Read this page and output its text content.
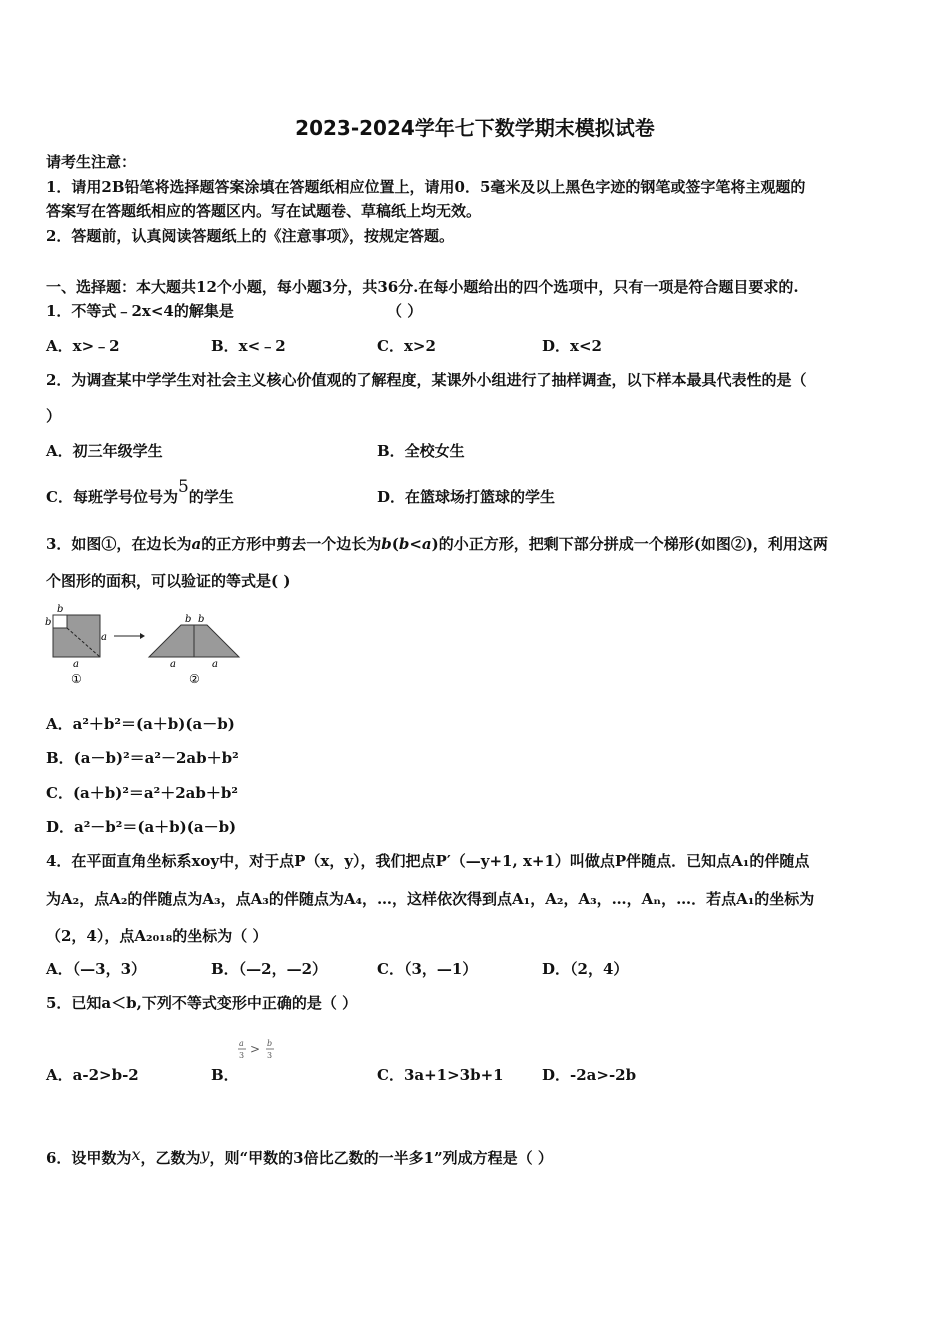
2023-2024学年七下数学期末模拟试卷
请考生注意：
1．请用2B铅笔将选择题答案涂填在答题纸相应位置上，请用0．5毫米及以上黑色字迹的钢笔或签字笔将主观题的
答案写在答题纸相应的答题区内。写在试题卷、草稿纸上均无效。
2．答题前，认真阅读答题纸上的《注意事项》，按规定答题。
一、选择题：本大题共12个小题，每小题3分，共36分.在每小题给出的四个选项中，只有一项是符合题目要求的.
1．不等式﹣2x<4的解集是	（ ）
A．x>﹣2	B．x<﹣2	C．x>2	D．x<2
2．为调查某中学学生对社会主义核心价值观的了解程度，某课外小组进行了抽样调查，以下样本最具代表性的是（
）
A．初三年级学生	B．全校女生
C．每班学号位号为5的学生	D．在篮球场打篮球的学生
3．如图①，在边长为a的正方形中剪去一个边长为b(b<a)的小正方形，把剩下部分拼成一个梯形(如图②)，利用这两
个图形的面积，可以验证的等式是( )
b
b
a
a
①
b b
a	a
②
A．a²＋b²＝(a＋b)(a－b)
B．(a－b)²＝a²－2ab＋b²
C．(a＋b)²＝a²＋2ab＋b²
D．a²－b²＝(a＋b)(a－b)
4．在平面直角坐标系xoy中，对于点P（x，y），我们把点P′（—y+1, x+1）叫做点P伴随点．已知点A₁的伴随点
为A₂，点A₂的伴随点为A₃，点A₃的伴随点为A₄，…，这样依次得到点A₁，A₂，A₃，…，Aₙ，…．若点A₁的坐标为
（2，4），点A₂₀₁₈的坐标为（ ）
A．（—3，3）	B．（—2，—2）	C．（3，—1）	D．（2，4）
5．已知a＜b,下列不等式变形中正确的是（ ）
A．a-2>b-2	B．
a
3 > b
3
C．3a+1>3b+1	D．-2a>-2b
6．设甲数为x，乙数为y，则“甲数的3倍比乙数的一半多1”列成方程是（ ）
